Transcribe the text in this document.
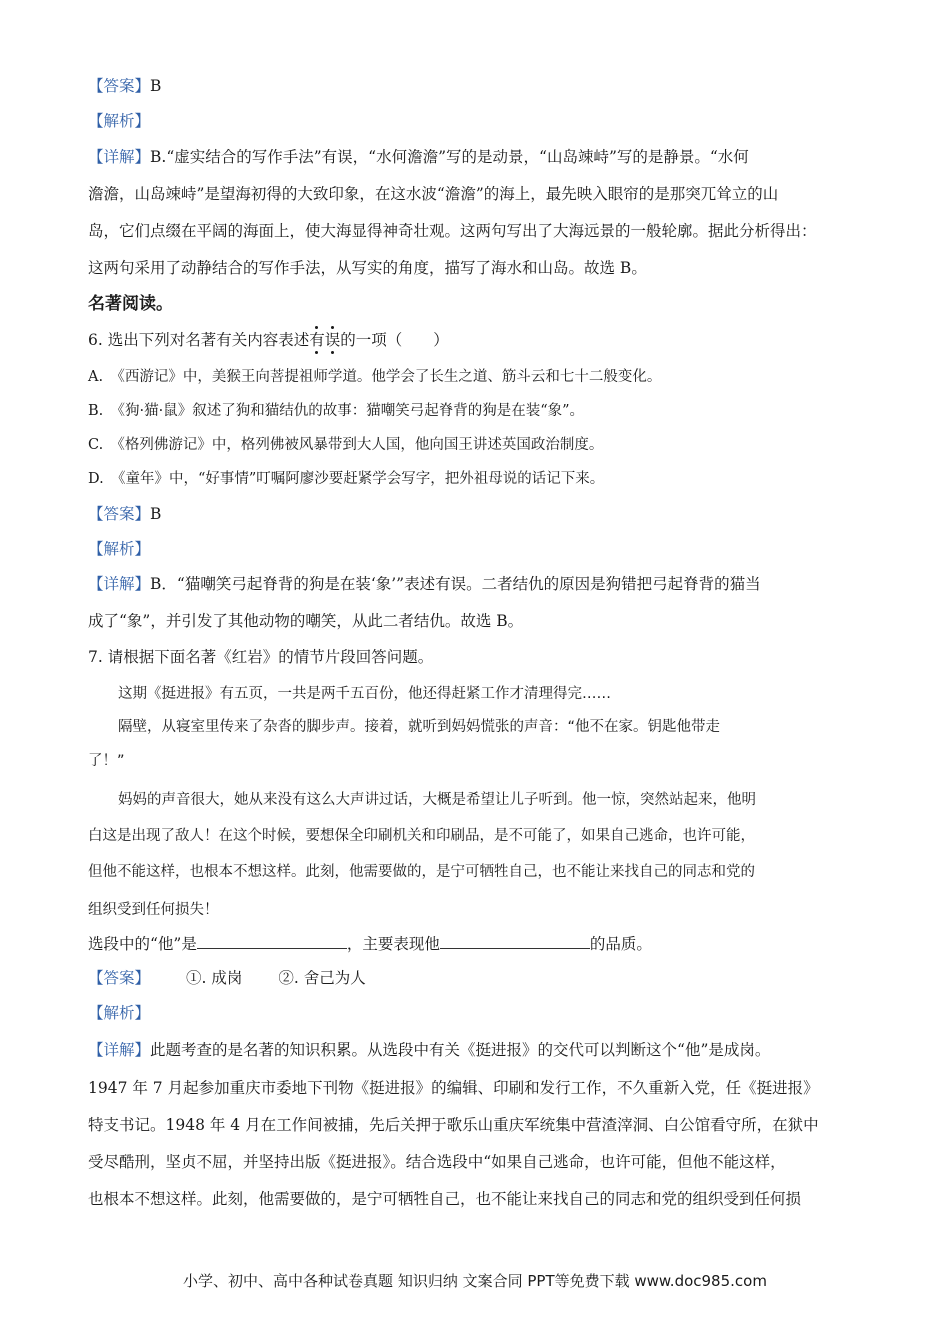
【答案】B
【解析】
【详解】B.“虚实结合的写作手法”有误，“水何澹澹”写的是动景，“山岛竦峙”写的是静景。“水何
澹澹，山岛竦峙”是望海初得的大致印象，在这水波“澹澹”的海上，最先映入眼帘的是那突兀耸立的山
岛，它们点缀在平阔的海面上，使大海显得神奇壮观。这两句写出了大海远景的一般轮廓。据此分析得出：
这两句采用了动静结合的写作手法，从写实的角度，描写了海水和山岛。故选 B。
名著阅读。
6. 选出下列对名著有关内容表述有误的一项（　　）
A.　《西游记》中，美猴王向菩提祖师学道。他学会了长生之道、筋斗云和七十二般变化。
B.　《狗·猫·鼠》叙述了狗和猫结仇的故事：猫嘲笑弓起脊背的狗是在装“象”。
C.　《格列佛游记》中，格列佛被风暴带到大人国，他向国王讲述英国政治制度。
D.　《童年》中，“好事情”叮嘱阿廖沙要赶紧学会写字，把外祖母说的话记下来。
【答案】B
【解析】
【详解】B．“猫嘲笑弓起脊背的狗是在装‘象’”表述有误。二者结仇的原因是狗错把弓起脊背的猫当
成了“象”，并引发了其他动物的嘲笑，从此二者结仇。故选 B。
7. 请根据下面名著《红岩》的情节片段回答问题。
这期《挺进报》有五页，一共是两千五百份，他还得赶紧工作才清理得完……
隔壁，从寝室里传来了杂沓的脚步声。接着，就听到妈妈慌张的声音：“他不在家。钥匙他带走
了！”
妈妈的声音很大，她从来没有这么大声讲过话，大概是希望让儿子听到。他一惊，突然站起来，他明
白这是出现了敌人！在这个时候，要想保全印刷机关和印刷品，是不可能了，如果自己逃命，也许可能，
但他不能这样，也根本不想这样。此刻，他需要做的，是宁可牺牲自己，也不能让来找自己的同志和党的
组织受到任何损失！
选段中的“他”是	，主要表现他	的品质。
【答案】 ①. 成岗 ②. 舍己为人
【解析】
【详解】此题考查的是名著的知识积累。从选段中有关《挺进报》的交代可以判断这个“他”是成岗。
1947 年 7 月起参加重庆市委地下刊物《挺进报》的编辑、印刷和发行工作，不久重新入党，任《挺进报》
特支书记。1948 年 4 月在工作间被捕，先后关押于歌乐山重庆军统集中营渣滓洞、白公馆看守所，在狱中
受尽酷刑，坚贞不屈，并坚持出版《挺进报》。结合选段中“如果自己逃命，也许可能，但他不能这样，
也根本不想这样。此刻，他需要做的，是宁可牺牲自己，也不能让来找自己的同志和党的组织受到任何损
小学、初中、高中各种试卷真题 知识归纳 文案合同 PPT等免费下载 www.doc985.com
